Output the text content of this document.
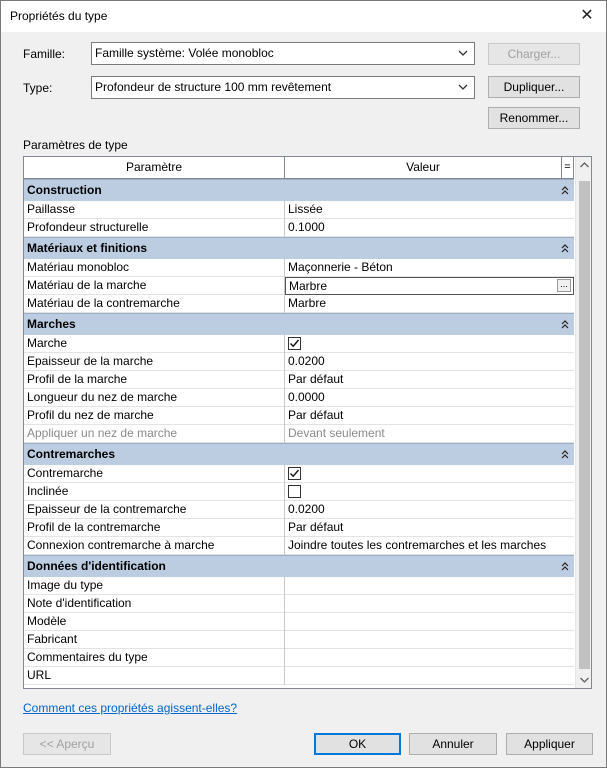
Propriétés du type	✕
Famille:	Famille système: Volée monobloc	Charger...
Type:	Profondeur de structure 100 mm revêtement	Dupliquer...
Renommer...
Paramètres de type
Paramètre	Valeur	=
Construction
Paillasse	Lissée
Profondeur structurelle	0.1000
Matériaux et finitions
Matériau monobloc	Maçonnerie - Béton
Matériau de la marche	Marbre	...
Matériau de la contremarche	Marbre
Marches
Marche
Epaisseur de la marche	0.0200
Profil de la marche	Par défaut
Longueur du nez de marche	0.0000
Profil du nez de marche	Par défaut
Appliquer un nez de marche	Devant seulement
Contremarches
Contremarche
Inclinée
Epaisseur de la contremarche	0.0200
Profil de la contremarche	Par défaut
Connexion contremarche à marche	Joindre toutes les contremarches et les marches
Données d'identification
Image du type
Note d'identification
Modèle
Fabricant
Commentaires du type
URL
Comment ces propriétés agissent-elles?
<< Aperçu	OK	Annuler	Appliquer
